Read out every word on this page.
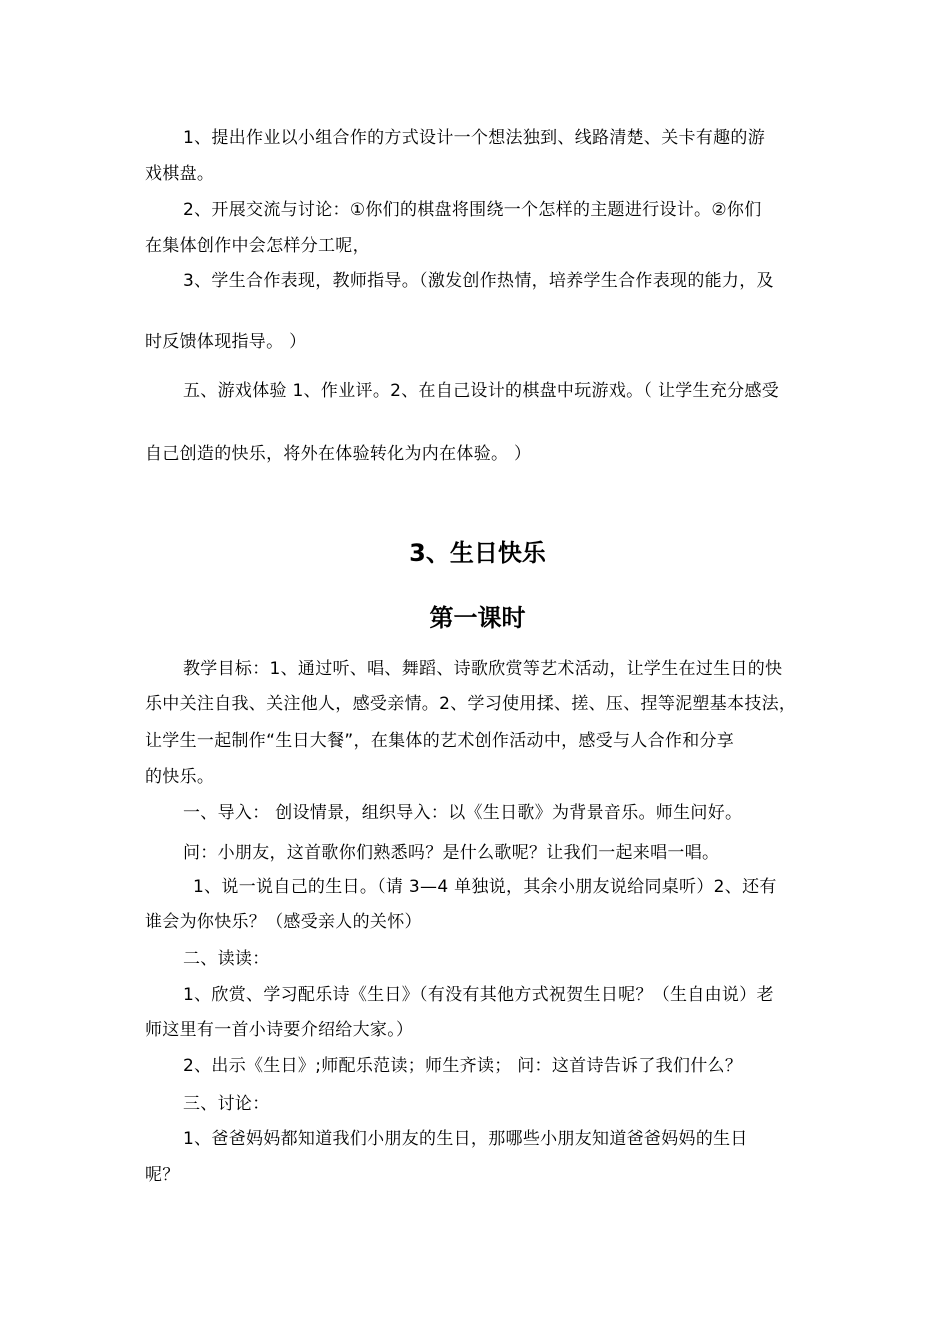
1、提出作业以小组合作的方式设计一个想法独到、线路清楚、关卡有趣的游
戏棋盘。
2、开展交流与讨论：①你们的棋盘将围绕一个怎样的主题进行设计。②你们
在集体创作中会怎样分工呢，
3、学生合作表现，教师指导。（激发创作热情，培养学生合作表现的能力，及
时反馈体现指导。 ）
五、游戏体验 1、作业评。2、在自己设计的棋盘中玩游戏。（ 让学生充分感受
自己创造的快乐，将外在体验转化为内在体验。 ）
3、生日快乐
第一课时
教学目标：1、通过听、唱、舞蹈、诗歌欣赏等艺术活动，让学生在过生日的快
乐中关注自我、关注他人，感受亲情。2、学习使用揉、搓、压、捏等泥塑基本技法，
让学生一起制作“生日大餐”，在集体的艺术创作活动中，感受与人合作和分享
的快乐。
一、导入： 创设情景，组织导入：以《生日歌》为背景音乐。师生问好。
问：小朋友，这首歌你们熟悉吗？是什么歌呢？让我们一起来唱一唱。
1、说一说自己的生日。（请 3—4 单独说，其余小朋友说给同桌听）2、还有
谁会为你快乐？（感受亲人的关怀）
二、读读：
1、欣赏、学习配乐诗《生日》（有没有其他方式祝贺生日呢？（生自由说）老
师这里有一首小诗要介绍给大家。）
2、出示《生日》;师配乐范读；师生齐读； 问：这首诗告诉了我们什么？
三、讨论：
1、爸爸妈妈都知道我们小朋友的生日，那哪些小朋友知道爸爸妈妈的生日
呢？
